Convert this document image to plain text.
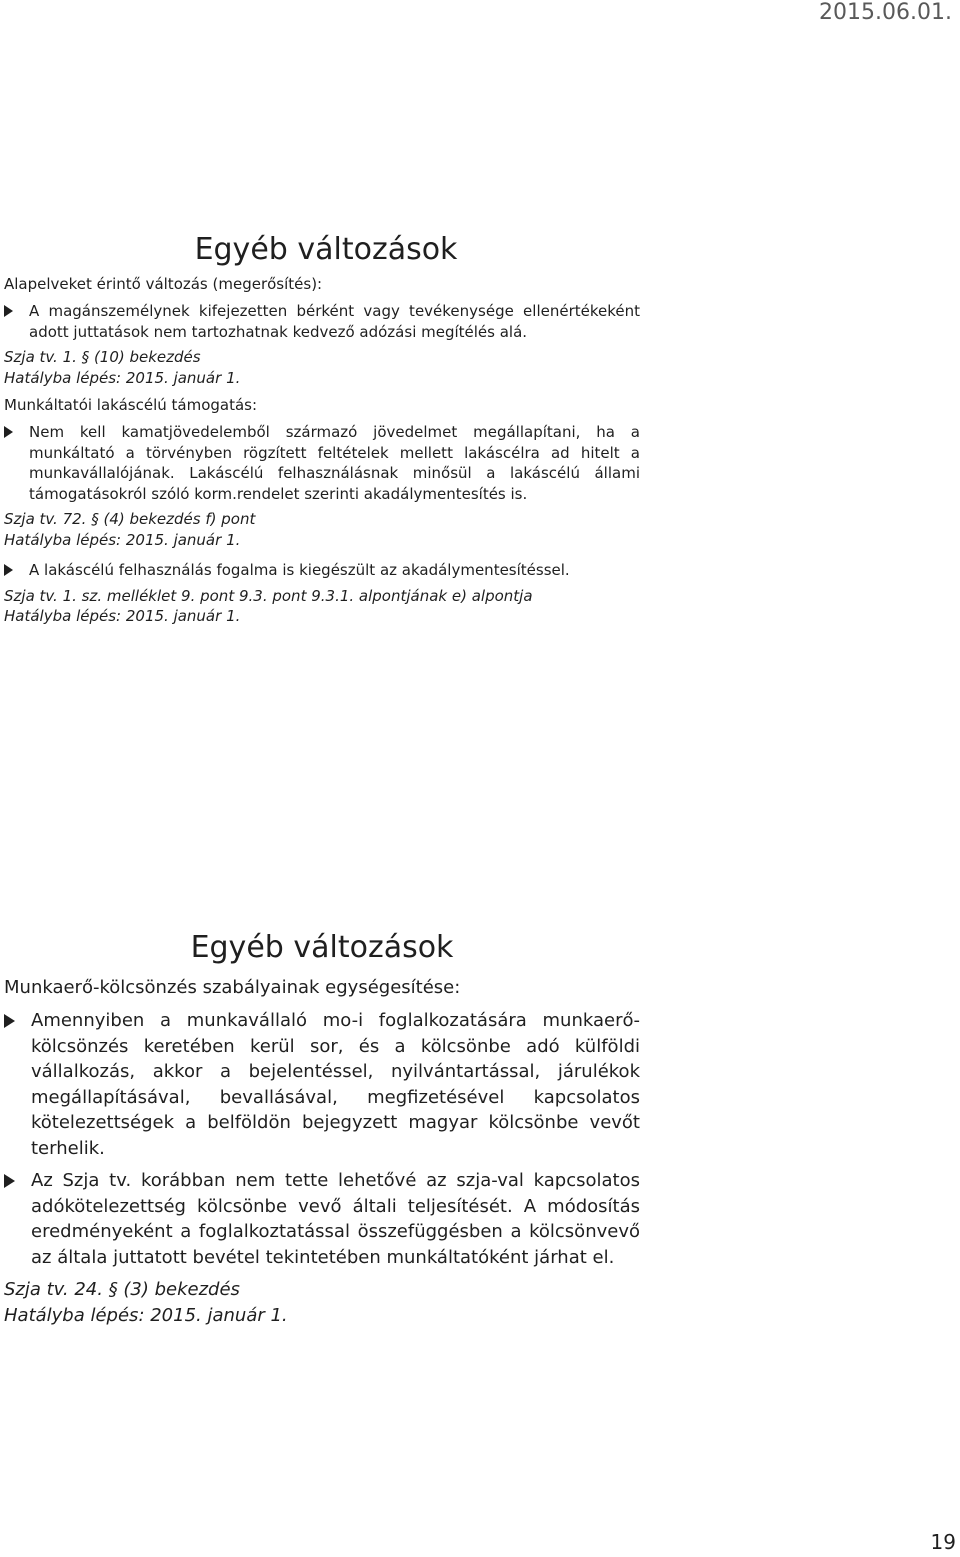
2015.06.01.
Egyéb változások

Alapelveket érintő változás (megerősítés):

A magánszemélynek kifejezetten bérként vagy tevékenysége ellenértékeként adott juttatások nem tartozhatnak kedvező adózási megítélés alá.

Szja tv. 1. § (10) bekezdés

Hatályba lépés: 2015. január 1.

Munkáltatói lakáscélú támogatás:

Nem kell kamatjövedelemből származó jövedelmet megállapítani, ha a munkáltató a törvényben rögzített feltételek mellett lakáscélra ad hitelt a munkavállalójának. Lakáscélú felhasználásnak minősül a lakáscélú állami támogatásokról szóló korm.rendelet szerinti akadálymentesítés is.

Szja tv. 72. § (4) bekezdés f) pont

Hatályba lépés: 2015. január 1.

A lakáscélú felhasználás fogalma is kiegészült az akadálymentesítéssel.

Szja tv. 1. sz. melléklet 9. pont 9.3. pont 9.3.1. alpontjának e) alpontja

Hatályba lépés: 2015. január 1.

Egyéb változások

Munkaerő-kölcsönzés szabályainak egységesítése:

Amennyiben a munkavállaló mo-i foglalkozatására munkaerő-kölcsönzés keretében kerül sor, és a kölcsönbe adó külföldi vállalkozás, akkor a bejelentéssel, nyilvántartással, járulékok megállapításával, bevallásával, megfizetésével kapcsolatos kötelezettségek a belföldön bejegyzett magyar kölcsönbe vevőt terhelik.
Az Szja tv. korábban nem tette lehetővé az szja-val kapcsolatos adókötelezettség kölcsönbe vevő általi teljesítését. A módosítás eredményeként a foglalkoztatással összefüggésben a kölcsönvevő az általa juttatott bevétel tekintetében munkáltatóként járhat el.

Szja tv. 24. § (3) bekezdés

Hatályba lépés: 2015. január 1.

19
